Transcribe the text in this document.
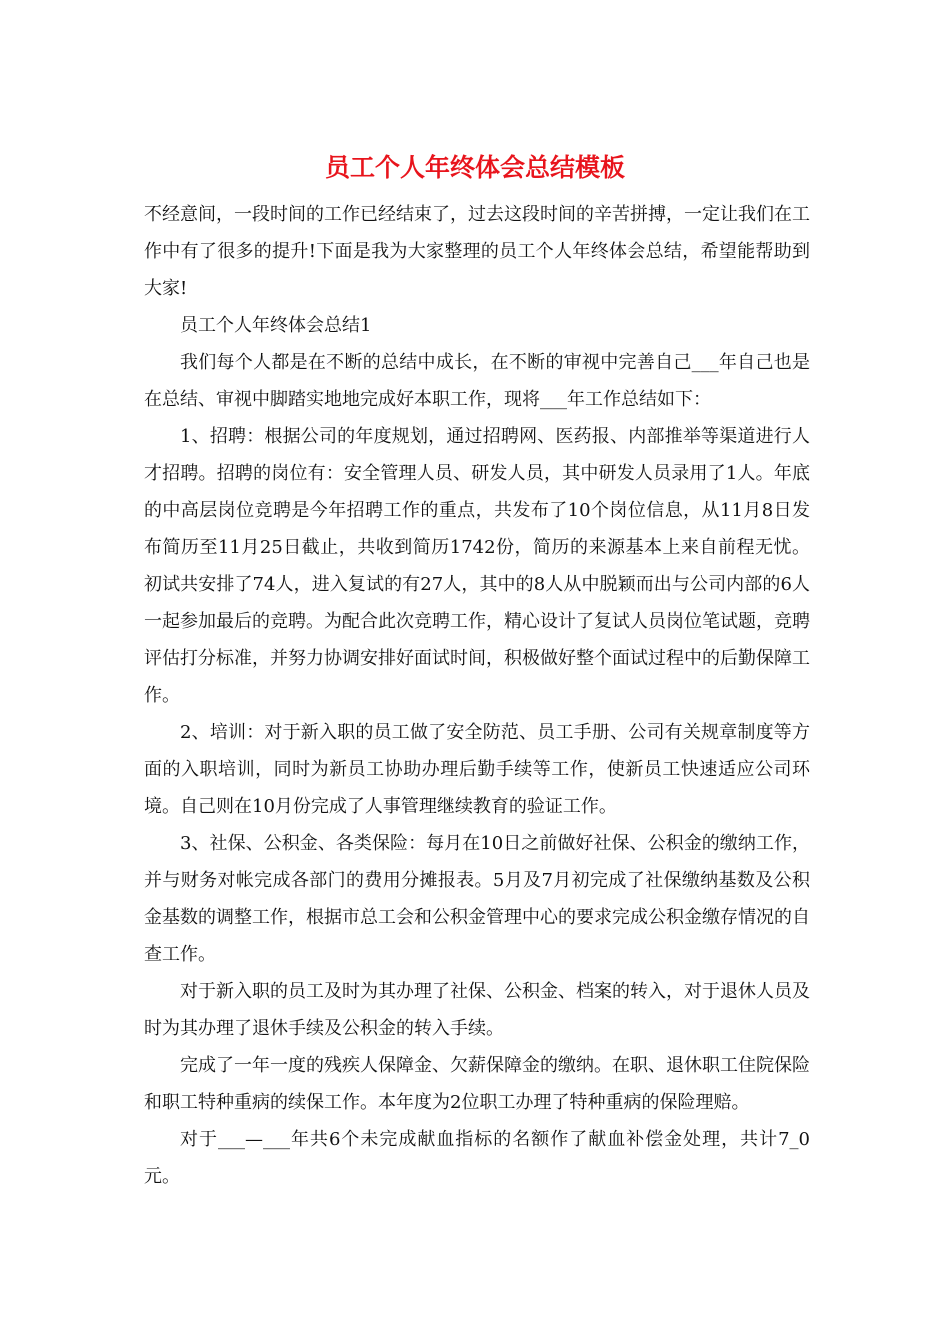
员工个人年终体会总结模板

不经意间，一段时间的工作已经结束了，过去这段时间的辛苦拼搏，一定让我们在工作中有了很多的提升!下面是我为大家整理的员工个人年终体会总结，希望能帮助到大家!

员工个人年终体会总结1

我们每个人都是在不断的总结中成长，在不断的审视中完善自己___年自己也是在总结、审视中脚踏实地地完成好本职工作，现将___年工作总结如下：

1、招聘：根据公司的年度规划，通过招聘网、医药报、内部推举等渠道进行人才招聘。招聘的岗位有：安全管理人员、研发人员，其中研发人员录用了1人。年底的中高层岗位竞聘是今年招聘工作的重点，共发布了10个岗位信息，从11月8日发布简历至11月25日截止，共收到简历1742份，简历的来源基本上来自前程无忧。初试共安排了74人，进入复试的有27人，其中的8人从中脱颖而出与公司内部的6人一起参加最后的竞聘。为配合此次竞聘工作，精心设计了复试人员岗位笔试题，竞聘评估打分标准，并努力协调安排好面试时间，积极做好整个面试过程中的后勤保障工作。

2、培训：对于新入职的员工做了安全防范、员工手册、公司有关规章制度等方面的入职培训，同时为新员工协助办理后勤手续等工作，使新员工快速适应公司环境。自己则在10月份完成了人事管理继续教育的验证工作。

3、社保、公积金、各类保险：每月在10日之前做好社保、公积金的缴纳工作，并与财务对帐完成各部门的费用分摊报表。5月及7月初完成了社保缴纳基数及公积金基数的调整工作，根据市总工会和公积金管理中心的要求完成公积金缴存情况的自查工作。

对于新入职的员工及时为其办理了社保、公积金、档案的转入，对于退休人员及时为其办理了退休手续及公积金的转入手续。

完成了一年一度的残疾人保障金、欠薪保障金的缴纳。在职、退休职工住院保险和职工特种重病的续保工作。本年度为2位职工办理了特种重病的保险理赔。

对于___—___年共6个未完成献血指标的名额作了献血补偿金处理，共计7_0元。
